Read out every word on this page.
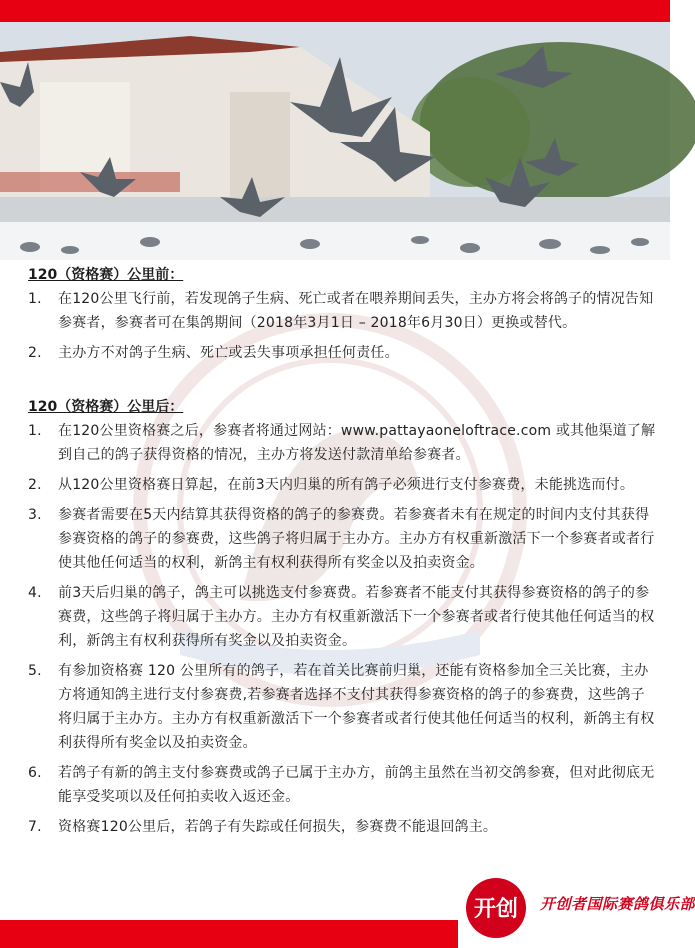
120（资格赛）公里前：
1. 在120公里飞行前，若发现鸽子生病、死亡或者在喂养期间丢失，主办方将会将鸽子的情况告知参赛者，参赛者可在集鸽期间（2018年3月1日 – 2018年6月30日）更换或替代。
2. 主办方不对鸽子生病、死亡或丢失事项承担任何责任。
120（资格赛）公里后：
1. 在120公里资格赛之后，参赛者将通过网站：www.pattayaoneloftrace.com 或其他渠道了解到自己的鸽子获得资格的情况，主办方将发送付款清单给参赛者。
2. 从120公里资格赛日算起，在前3天内归巢的所有鸽子必须进行支付参赛费，未能挑选而付。
3. 参赛者需要在5天内结算其获得资格的鸽子的参赛费。若参赛者未有在规定的时间内支付其获得参赛资格的鸽子的参赛费，这些鸽子将归属于主办方。主办方有权重新激活下一个参赛者或者行使其他任何适当的权利，新鸽主有权利获得所有奖金以及拍卖资金。
4. 前3天后归巢的鸽子，鸽主可以挑选支付参赛费。若参赛者不能支付其获得参赛资格的鸽子的参赛费，这些鸽子将归属于主办方。主办方有权重新激活下一个参赛者或者行使其他任何适当的权利，新鸽主有权利获得所有奖金以及拍卖资金。
5. 有参加资格赛 120 公里所有的鸽子，若在首关比赛前归巢，还能有资格参加全三关比赛，主办方将通知鸽主进行支付参赛费,若参赛者选择不支付其获得参赛资格的鸽子的参赛费，这些鸽子将归属于主办方。主办方有权重新激活下一个参赛者或者行使其他任何适当的权利，新鸽主有权利获得所有奖金以及拍卖资金。
6. 若鸽子有新的鸽主支付参赛费或鸽子已属于主办方，前鸽主虽然在当初交鸽参赛，但对此彻底无能享受奖项以及任何拍卖收入返还金。
7. 资格赛120公里后，若鸽子有失踪或任何损失，参赛费不能退回鸽主。
开创 开创者国际赛鸽俱乐部
